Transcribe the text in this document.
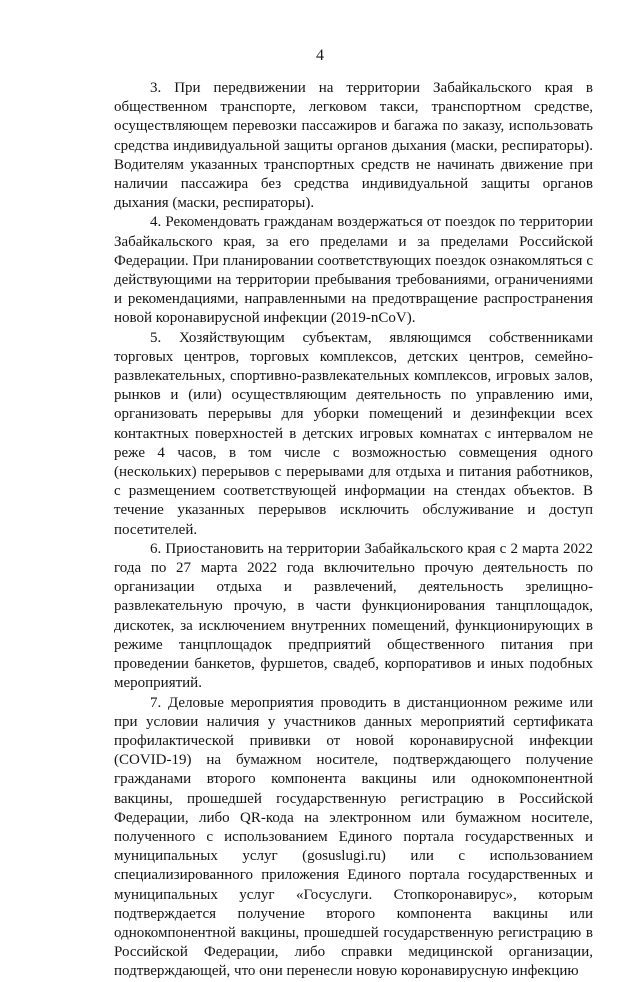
4

3. При передвижении на территории Забайкальского края в общественном транспорте, легковом такси, транспортном средстве, осуществляющем перевозки пассажиров и багажа по заказу, использовать средства индивидуальной защиты органов дыхания (маски, респираторы). Водителям указанных транспортных средств не начинать движение при наличии пассажира без средства индивидуальной защиты органов дыхания (маски, респираторы).

4. Рекомендовать гражданам воздержаться от поездок по территории Забайкальского края, за его пределами и за пределами Российской Федерации. При планировании соответствующих поездок ознакомляться с действующими на территории пребывания требованиями, ограничениями и рекомендациями, направленными на предотвращение распространения новой коронавирусной инфекции (2019-nCoV).

5. Хозяйствующим субъектам, являющимся собственниками торговых центров, торговых комплексов, детских центров, семейно-развлекательных, спортивно-развлекательных комплексов, игровых залов, рынков и (или) осуществляющим деятельность по управлению ими, организовать перерывы для уборки помещений и дезинфекции всех контактных поверхностей в детских игровых комнатах с интервалом не реже 4 часов, в том числе с возможностью совмещения одного (нескольких) перерывов с перерывами для отдыха и питания работников, с размещением соответствующей информации на стендах объектов. В течение указанных перерывов исключить обслуживание и доступ посетителей.

6. Приостановить на территории Забайкальского края с 2 марта 2022 года по 27 марта 2022 года включительно прочую деятельность по организации отдыха и развлечений, деятельность зрелищно-развлекательную прочую, в части функционирования танцплощадок, дискотек, за исключением внутренних помещений, функционирующих в режиме танцплощадок предприятий общественного питания при проведении банкетов, фуршетов, свадеб, корпоративов и иных подобных мероприятий.

7. Деловые мероприятия проводить в дистанционном режиме или при условии наличия у участников данных мероприятий сертификата профилактической прививки от новой коронавирусной инфекции (COVID-19) на бумажном носителе, подтверждающего получение гражданами второго компонента вакцины или однокомпонентной вакцины, прошедшей государственную регистрацию в Российской Федерации, либо QR-кода на электронном или бумажном носителе, полученного с использованием Единого портала государственных и муниципальных услуг (gosuslugi.ru) или с использованием специализированного приложения Единого портала государственных и муниципальных услуг «Госуслуги. Стопкоронавирус», которым подтверждается получение второго компонента вакцины или однокомпонентной вакцины, прошедшей государственную регистрацию в Российской Федерации, либо справки медицинской организации, подтверждающей, что они перенесли новую коронавирусную инфекцию
